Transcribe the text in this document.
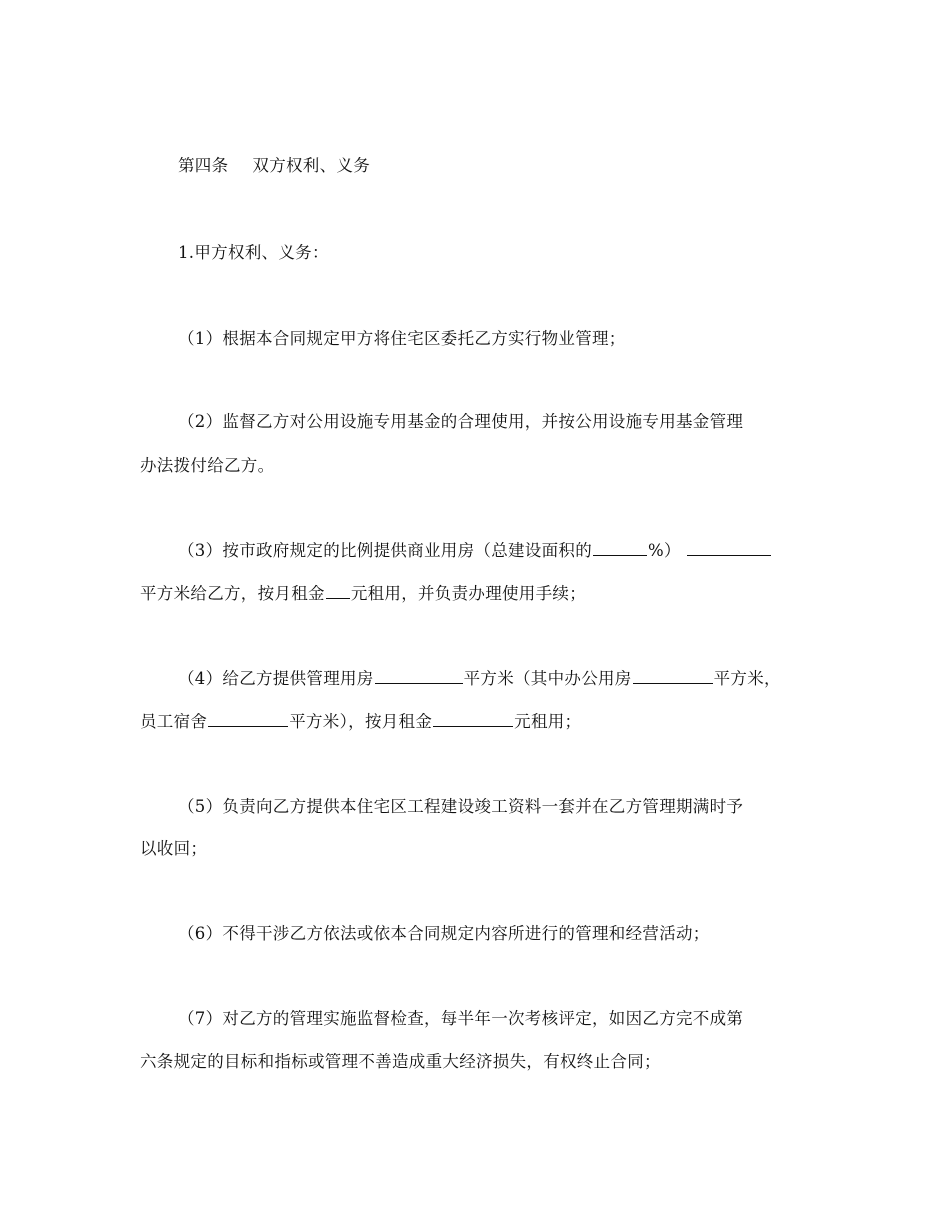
第四条 双方权利、义务
1.甲方权利、义务：
（1）根据本合同规定甲方将住宅区委托乙方实行物业管理；
（2）监督乙方对公用设施专用基金的合理使用，并按公用设施专用基金管理
办法拨付给乙方。
（3）按市政府规定的比例提供商业用房（总建设面积的	%）
平方米给乙方，按月租金 元租用，并负责办理使用手续；
（4）给乙方提供管理用房	平方米（其中办公用房	平方米，
员工宿舍	平方米），按月租金	元租用；
（5）负责向乙方提供本住宅区工程建设竣工资料一套并在乙方管理期满时予
以收回；
（6）不得干涉乙方依法或依本合同规定内容所进行的管理和经营活动；
（7）对乙方的管理实施监督检查，每半年一次考核评定，如因乙方完不成第
六条规定的目标和指标或管理不善造成重大经济损失，有权终止合同；
